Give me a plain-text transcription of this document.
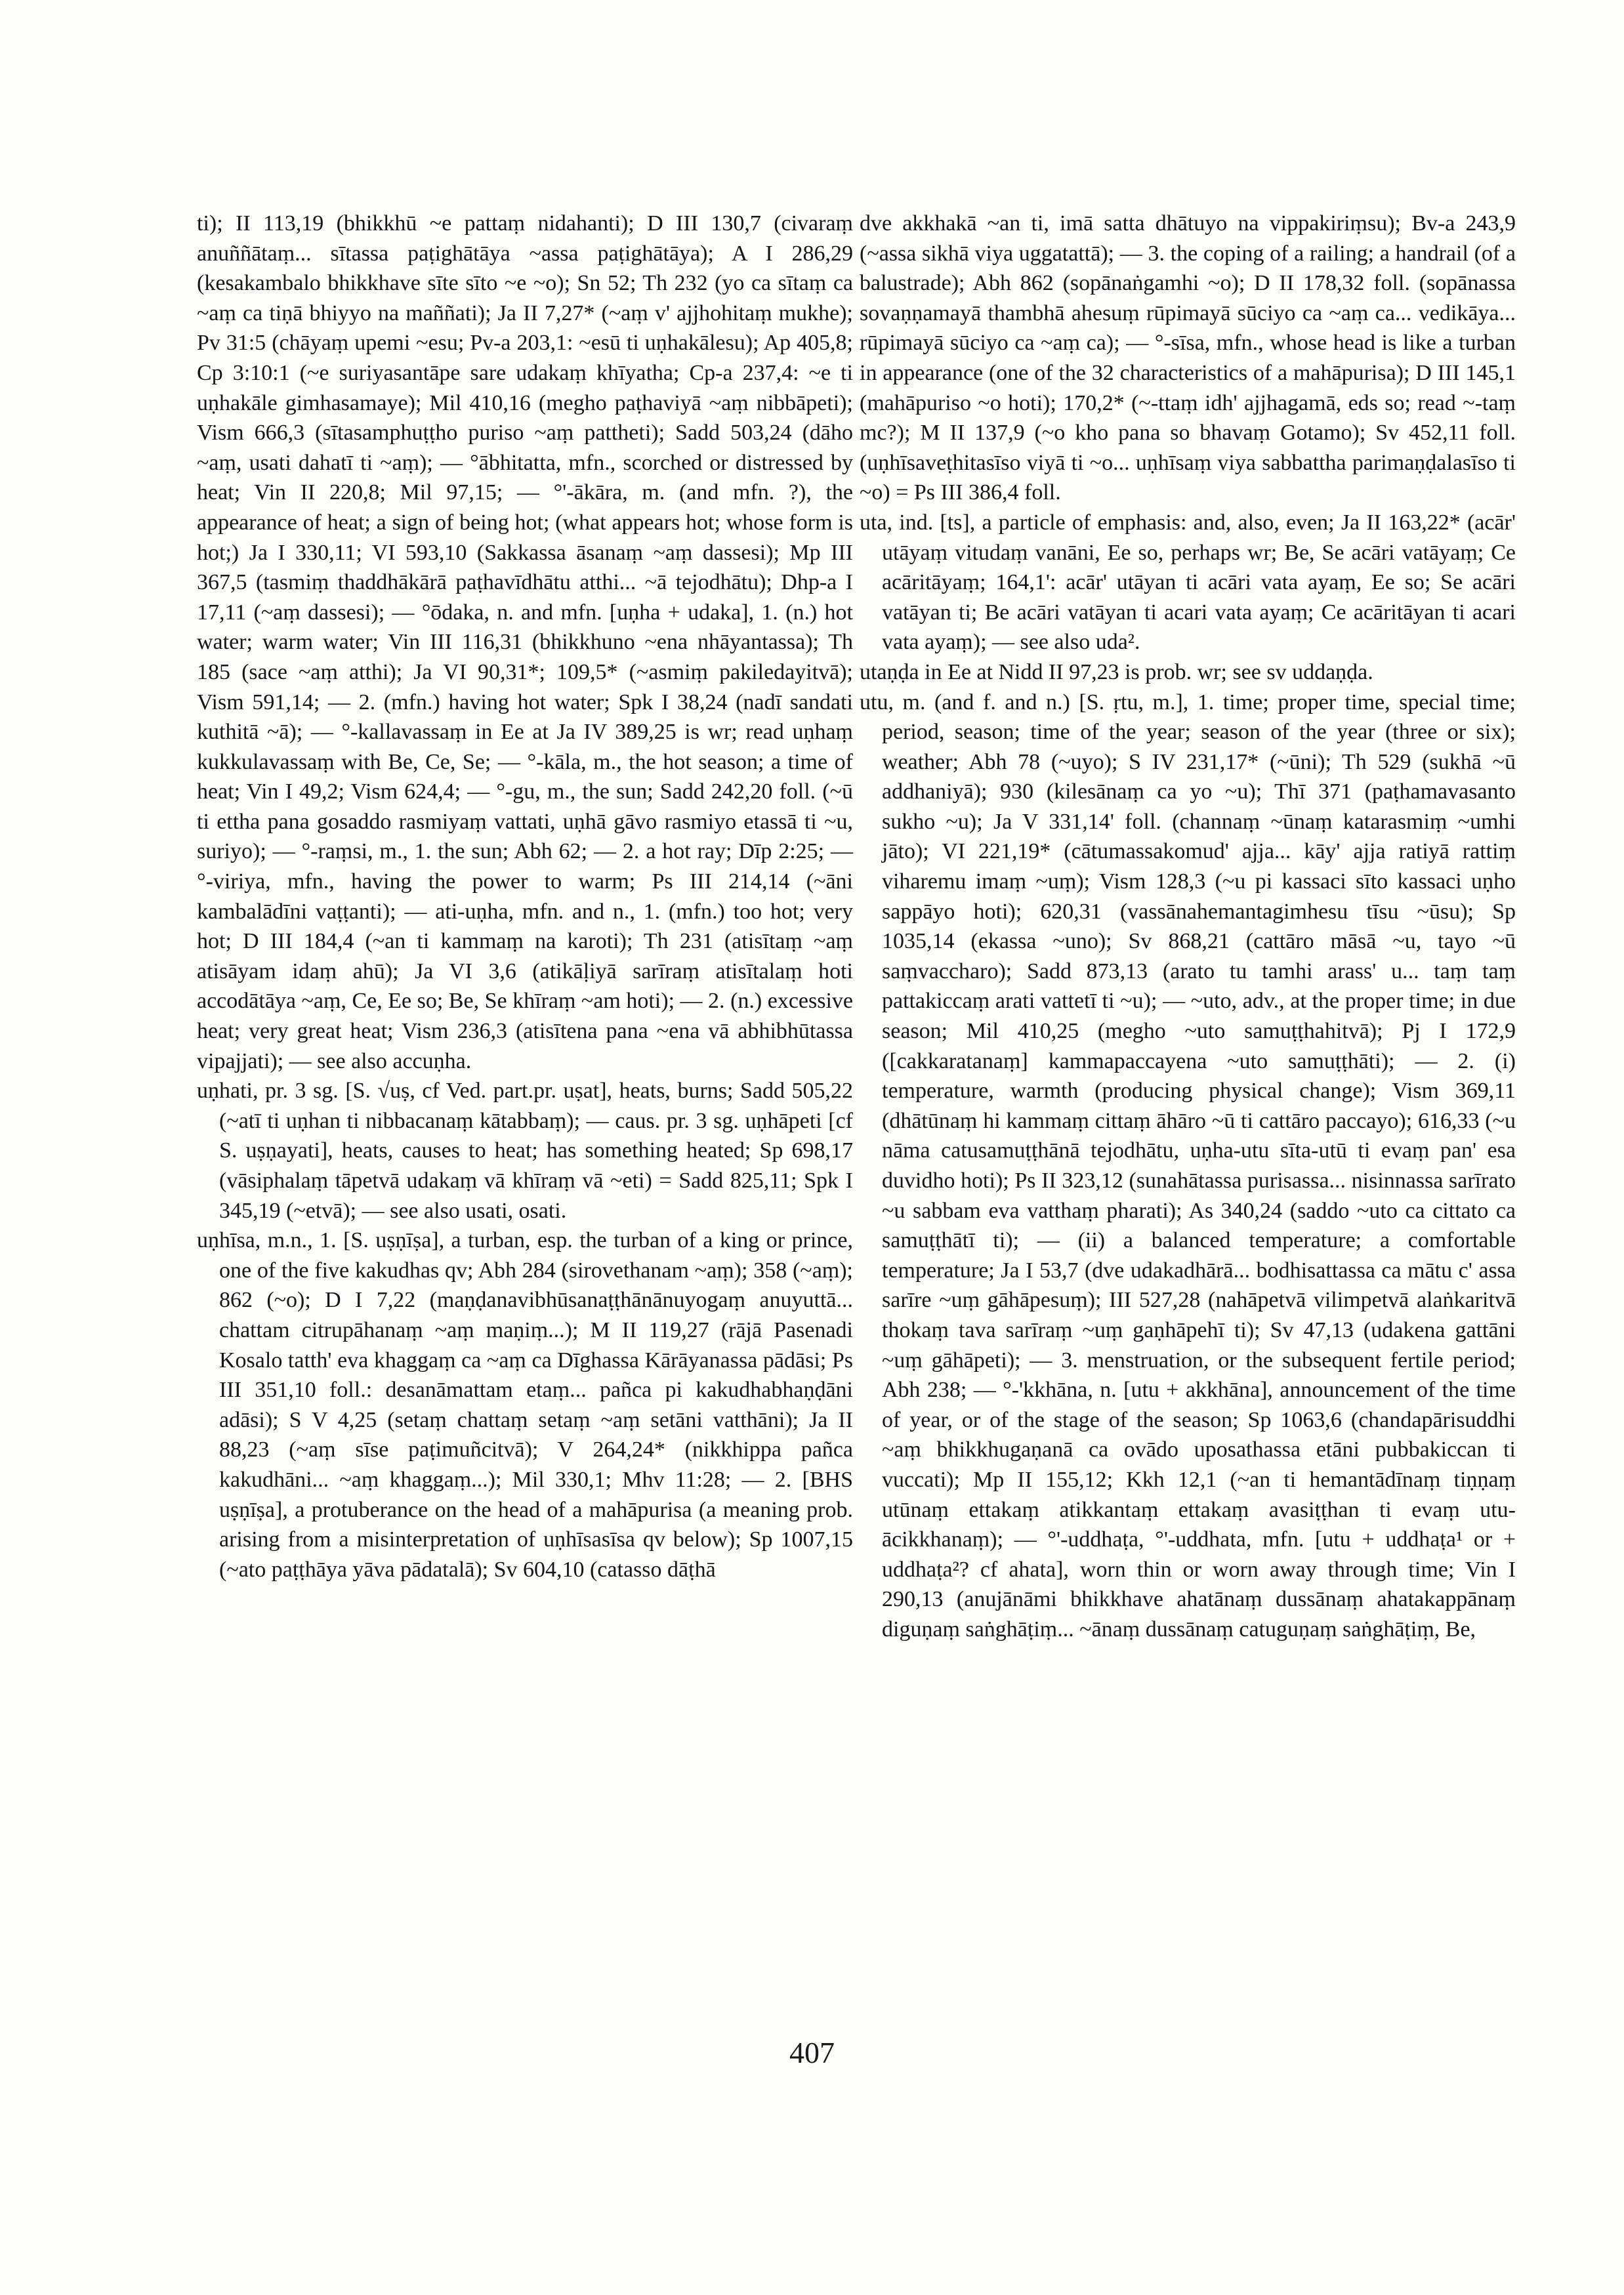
ti); II 113,19 (bhikkhū ~e pattaṃ nidahanti); D III 130,7 (civaraṃ anuññātaṃ... sītassa paṭighātāya ~assa paṭighātāya); A I 286,29 (kesakambalo bhikkhave sīte sīto ~e ~o); Sn 52; Th 232 (yo ca sītaṃ ca ~aṃ ca tiṇā bhiyyo na maññati); Ja II 7,27* (~aṃ v' ajjhohitaṃ mukhe); Pv 31:5 (chāyaṃ upemi ~esu; Pv-a 203,1: ~esū ti uṇhakālesu); Ap 405,8; Cp 3:10:1 (~e suriyasantāpe sare udakaṃ khīyatha; Cp-a 237,4: ~e ti uṇhakāle gimhasamaye); Mil 410,16 (megho paṭhaviyā ~aṃ nibbāpeti); Vism 666,3 (sītasamphuṭṭho puriso ~aṃ pattheti); Sadd 503,24 (dāho ~aṃ, usati dahatī ti ~aṃ); — °ābhitatta, mfn., scorched or distressed by heat; Vin II 220,8; Mil 97,15; — °'-ākāra, m. (and mfn. ?), the appearance of heat; a sign of being hot; (what appears hot; whose form is hot;) Ja I 330,11; VI 593,10 (Sakkassa āsanaṃ ~aṃ dassesi); Mp III 367,5 (tasmiṃ thaddhākārā paṭhavīdhātu atthi... ~ā tejodhātu); Dhp-a I 17,11 (~aṃ dassesi); — °ōdaka, n. and mfn. [uṇha + udaka], 1. (n.) hot water; warm water; Vin III 116,31 (bhikkhuno ~ena nhāyantassa); Th 185 (sace ~aṃ atthi); Ja VI 90,31*; 109,5* (~asmiṃ pakiledayitvā); Vism 591,14; — 2. (mfn.) having hot water; Spk I 38,24 (nadī sandati kuthitā ~ā); — °-kallavassaṃ in Ee at Ja IV 389,25 is wr; read uṇhaṃ kukkulavassaṃ with Be, Ce, Se; — °-kāla, m., the hot season; a time of heat; Vin I 49,2; Vism 624,4; — °-gu, m., the sun; Sadd 242,20 foll. (~ū ti ettha pana gosaddo rasmiyaṃ vattati, uṇhā gāvo rasmiyo etassā ti ~u, suriyo); — °-raṃsi, m., 1. the sun; Abh 62; — 2. a hot ray; Dīp 2:25; — °-viriya, mfn., having the power to warm; Ps III 214,14 (~āni kambalādīni vaṭṭanti); — ati-uṇha, mfn. and n., 1. (mfn.) too hot; very hot; D III 184,4 (~an ti kammaṃ na karoti); Th 231 (atisītaṃ ~aṃ atisāyam idaṃ ahū); Ja VI 3,6 (atikāḷiyā sarīraṃ atisītalaṃ hoti accodātāya ~aṃ, Ce, Ee so; Be, Se khīraṃ ~am hoti); — 2. (n.) excessive heat; very great heat; Vism 236,3 (atisītena pana ~ena vā abhibhūtassa vipajjati); — see also accuṇha.

uṇhati, pr. 3 sg. [S. √uṣ, cf Ved. part.pr. uṣat], heats, burns; Sadd 505,22 (~atī ti uṇhan ti nibbacanaṃ kātabbaṃ); — caus. pr. 3 sg. uṇhāpeti [cf S. uṣṇayati], heats, causes to heat; has something heated; Sp 698,17 (vāsiphalaṃ tāpetvā udakaṃ vā khīraṃ vā ~eti) = Sadd 825,11; Spk I 345,19 (~etvā); — see also usati, osati.

uṇhīsa, m.n., 1. [S. uṣṇīṣa], a turban, esp. the turban of a king or prince, one of the five kakudhas qv; Abh 284 (sirovethanam ~aṃ); 358 (~aṃ); 862 (~o); D I 7,22 (maṇḍanavibhūsanaṭṭhānānuyogaṃ anuyuttā... chattam citrupāhanaṃ ~aṃ maṇiṃ...); M II 119,27 (rājā Pasenadi Kosalo tatth' eva khaggaṃ ca ~aṃ ca Dīghassa Kārāyanassa pādāsi; Ps III 351,10 foll.: desanāmattam etaṃ... pañca pi kakudhabhaṇḍāni adāsi); S V 4,25 (setaṃ chattaṃ setaṃ ~aṃ setāni vatthāni); Ja II 88,23 (~aṃ sīse paṭimuñcitvā); V 264,24* (nikkhippa pañca kakudhāni... ~aṃ khaggaṃ...); Mil 330,1; Mhv 11:28; — 2. [BHS uṣṇīṣa], a protuberance on the head of a mahāpurisa (a meaning prob. arising from a misinterpretation of uṇhīsasīsa qv below); Sp 1007,15 (~ato paṭṭhāya yāva pādatalā); Sv 604,10 (catasso dāṭhā

dve akkhakā ~an ti, imā satta dhātuyo na vippakiriṃsu); Bv-a 243,9 (~assa sikhā viya uggatattā); — 3. the coping of a railing; a handrail (of a balustrade); Abh 862 (sopānaṅgamhi ~o); D II 178,32 foll. (sopānassa sovaṇṇamayā thambhā ahesuṃ rūpimayā sūciyo ca ~aṃ ca... vedikāya... rūpimayā sūciyo ca ~aṃ ca); — °-sīsa, mfn., whose head is like a turban in appearance (one of the 32 characteristics of a mahāpurisa); D III 145,1 (mahāpuriso ~o hoti); 170,2* (~-ttaṃ idh' ajjhagamā, eds so; read ~-taṃ mc?); M II 137,9 (~o kho pana so bhavaṃ Gotamo); Sv 452,11 foll. (uṇhīsaveṭhitasīso viyā ti ~o... uṇhīsaṃ viya sabbattha parimaṇḍalasīso ti ~o) = Ps III 386,4 foll.

uta, ind. [ts], a particle of emphasis: and, also, even; Ja II 163,22* (acār' utāyaṃ vitudaṃ vanāni, Ee so, perhaps wr; Be, Se acāri vatāyaṃ; Ce acāritāyaṃ; 164,1': acār' utāyan ti acāri vata ayaṃ, Ee so; Se acāri vatāyan ti; Be acāri vatāyan ti acari vata ayaṃ; Ce acāritāyan ti acari vata ayaṃ); — see also uda².

utaṇḍa in Ee at Nidd II 97,23 is prob. wr; see sv uddaṇḍa.

utu, m. (and f. and n.) [S. ṛtu, m.], 1. time; proper time, special time; period, season; time of the year; season of the year (three or six); weather; Abh 78 (~uyo); S IV 231,17* (~ūni); Th 529 (sukhā ~ū addhaniyā); 930 (kilesānaṃ ca yo ~u); Thī 371 (paṭhamavasanto sukho ~u); Ja V 331,14' foll. (channaṃ ~ūnaṃ katarasmiṃ ~umhi jāto); VI 221,19* (cātumassakomud' ajja... kāy' ajja ratiyā rattiṃ viharemu imaṃ ~uṃ); Vism 128,3 (~u pi kassaci sīto kassaci uṇho sappāyo hoti); 620,31 (vassānahemantagimhesu tīsu ~ūsu); Sp 1035,14 (ekassa ~uno); Sv 868,21 (cattāro māsā ~u, tayo ~ū saṃvaccharo); Sadd 873,13 (arato tu tamhi arass' u... taṃ taṃ pattakiccaṃ arati vattetī ti ~u); — ~uto, adv., at the proper time; in due season; Mil 410,25 (megho ~uto samuṭṭhahitvā); Pj I 172,9 ([cakkaratanaṃ] kammapaccayena ~uto samuṭṭhāti); — 2. (i) temperature, warmth (producing physical change); Vism 369,11 (dhātūnaṃ hi kammaṃ cittaṃ āhāro ~ū ti cattāro paccayo); 616,33 (~u nāma catusamuṭṭhānā tejodhātu, uṇha-utu sīta-utū ti evaṃ pan' esa duvidho hoti); Ps II 323,12 (sunahātassa purisassa... nisinnassa sarīrato ~u sabbam eva vatthaṃ pharati); As 340,24 (saddo ~uto ca cittato ca samuṭṭhātī ti); — (ii) a balanced temperature; a comfortable temperature; Ja I 53,7 (dve udakadhārā... bodhisattassa ca mātu c' assa sarīre ~uṃ gāhāpesuṃ); III 527,28 (nahāpetvā vilimpetvā alaṅkaritvā thokaṃ tava sarīraṃ ~uṃ gaṇhāpehī ti); Sv 47,13 (udakena gattāni ~uṃ gāhāpeti); — 3. menstruation, or the subsequent fertile period; Abh 238; — °-'kkhāna, n. [utu + akkhāna], announcement of the time of year, or of the stage of the season; Sp 1063,6 (chandapārisuddhi ~aṃ bhikkhugaṇanā ca ovādo uposathassa etāni pubbakiccan ti vuccati); Mp II 155,12; Kkh 12,1 (~an ti hemantādīnaṃ tiṇṇaṃ utūnaṃ ettakaṃ atikkantaṃ ettakaṃ avasiṭṭhan ti evaṃ utu-ācikkhanaṃ); — °'-uddhaṭa, °'-uddhata, mfn. [utu + uddhaṭa¹ or + uddhaṭa²? cf ahata], worn thin or worn away through time; Vin I 290,13 (anujānāmi bhikkhave ahatānaṃ dussānaṃ ahatakappānaṃ diguṇaṃ saṅghāṭiṃ... ~ānaṃ dussānaṃ catuguṇaṃ saṅghāṭiṃ, Be,

407
